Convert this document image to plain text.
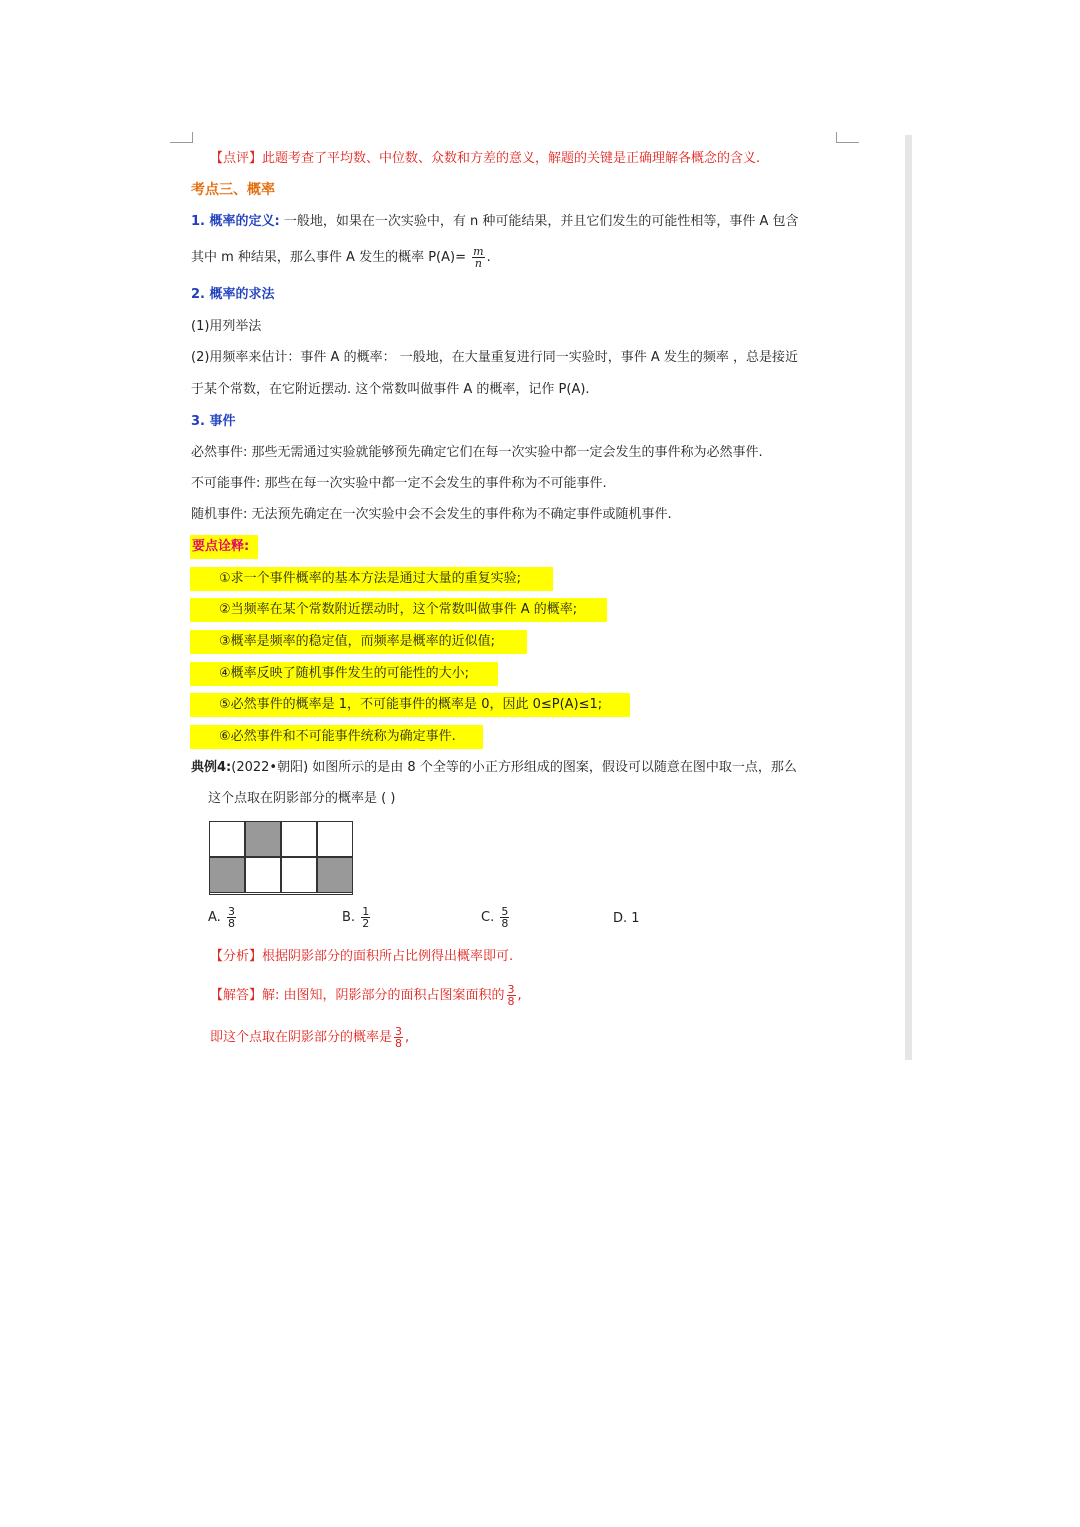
【点评】此题考查了平均数、中位数、众数和方差的意义，解题的关键是正确理解各概念的含义.
考点三、概率
1. 概率的定义: 一般地，如果在一次实验中，有 n 种可能结果，并且它们发生的可能性相等，事件 A 包含
其中 m 种结果，那么事件 A 发生的概率 $P(A)= \frac{m}{n}$ .
2. 概率的求法
(1)用列举法
(2)用频率来估计：事件 A 的概率： 一般地，在大量重复进行同一实验时，事件 A 发生的频率 ，总是接近
于某个常数，在它附近摆动. 这个常数叫做事件 A 的概率，记作 P(A).
3. 事件
必然事件: 那些无需通过实验就能够预先确定它们在每一次实验中都一定会发生的事件称为必然事件.
不可能事件: 那些在每一次实验中都一定不会发生的事件称为不可能事件.
随机事件: 无法预先确定在一次实验中会不会发生的事件称为不确定事件或随机事件.
要点诠释:
①求一个事件概率的基本方法是通过大量的重复实验;
②当频率在某个常数附近摆动时，这个常数叫做事件 A 的概率;
③概率是频率的稳定值，而频率是概率的近似值;
④概率反映了随机事件发生的可能性的大小;
⑤必然事件的概率是 1，不可能事件的概率是 0，因此 0≤P(A)≤1;
⑥必然事件和不可能事件统称为确定事件.
典例4:(2022•朝阳) 如图所示的是由 8 个全等的小正方形组成的图案，假设可以随意在图中取一点，那么
这个点取在阴影部分的概率是 ( )
A. $\frac{3}{8}$	B. $\frac{1}{2}$	C. $\frac{5}{8}$	D. 1
【分析】根据阴影部分的面积所占比例得出概率即可.
【解答】解: 由图知，阴影部分的面积占图案面积的 $\frac{3}{8}$ ,
即这个点取在阴影部分的概率是 $\frac{3}{8}$ ,
